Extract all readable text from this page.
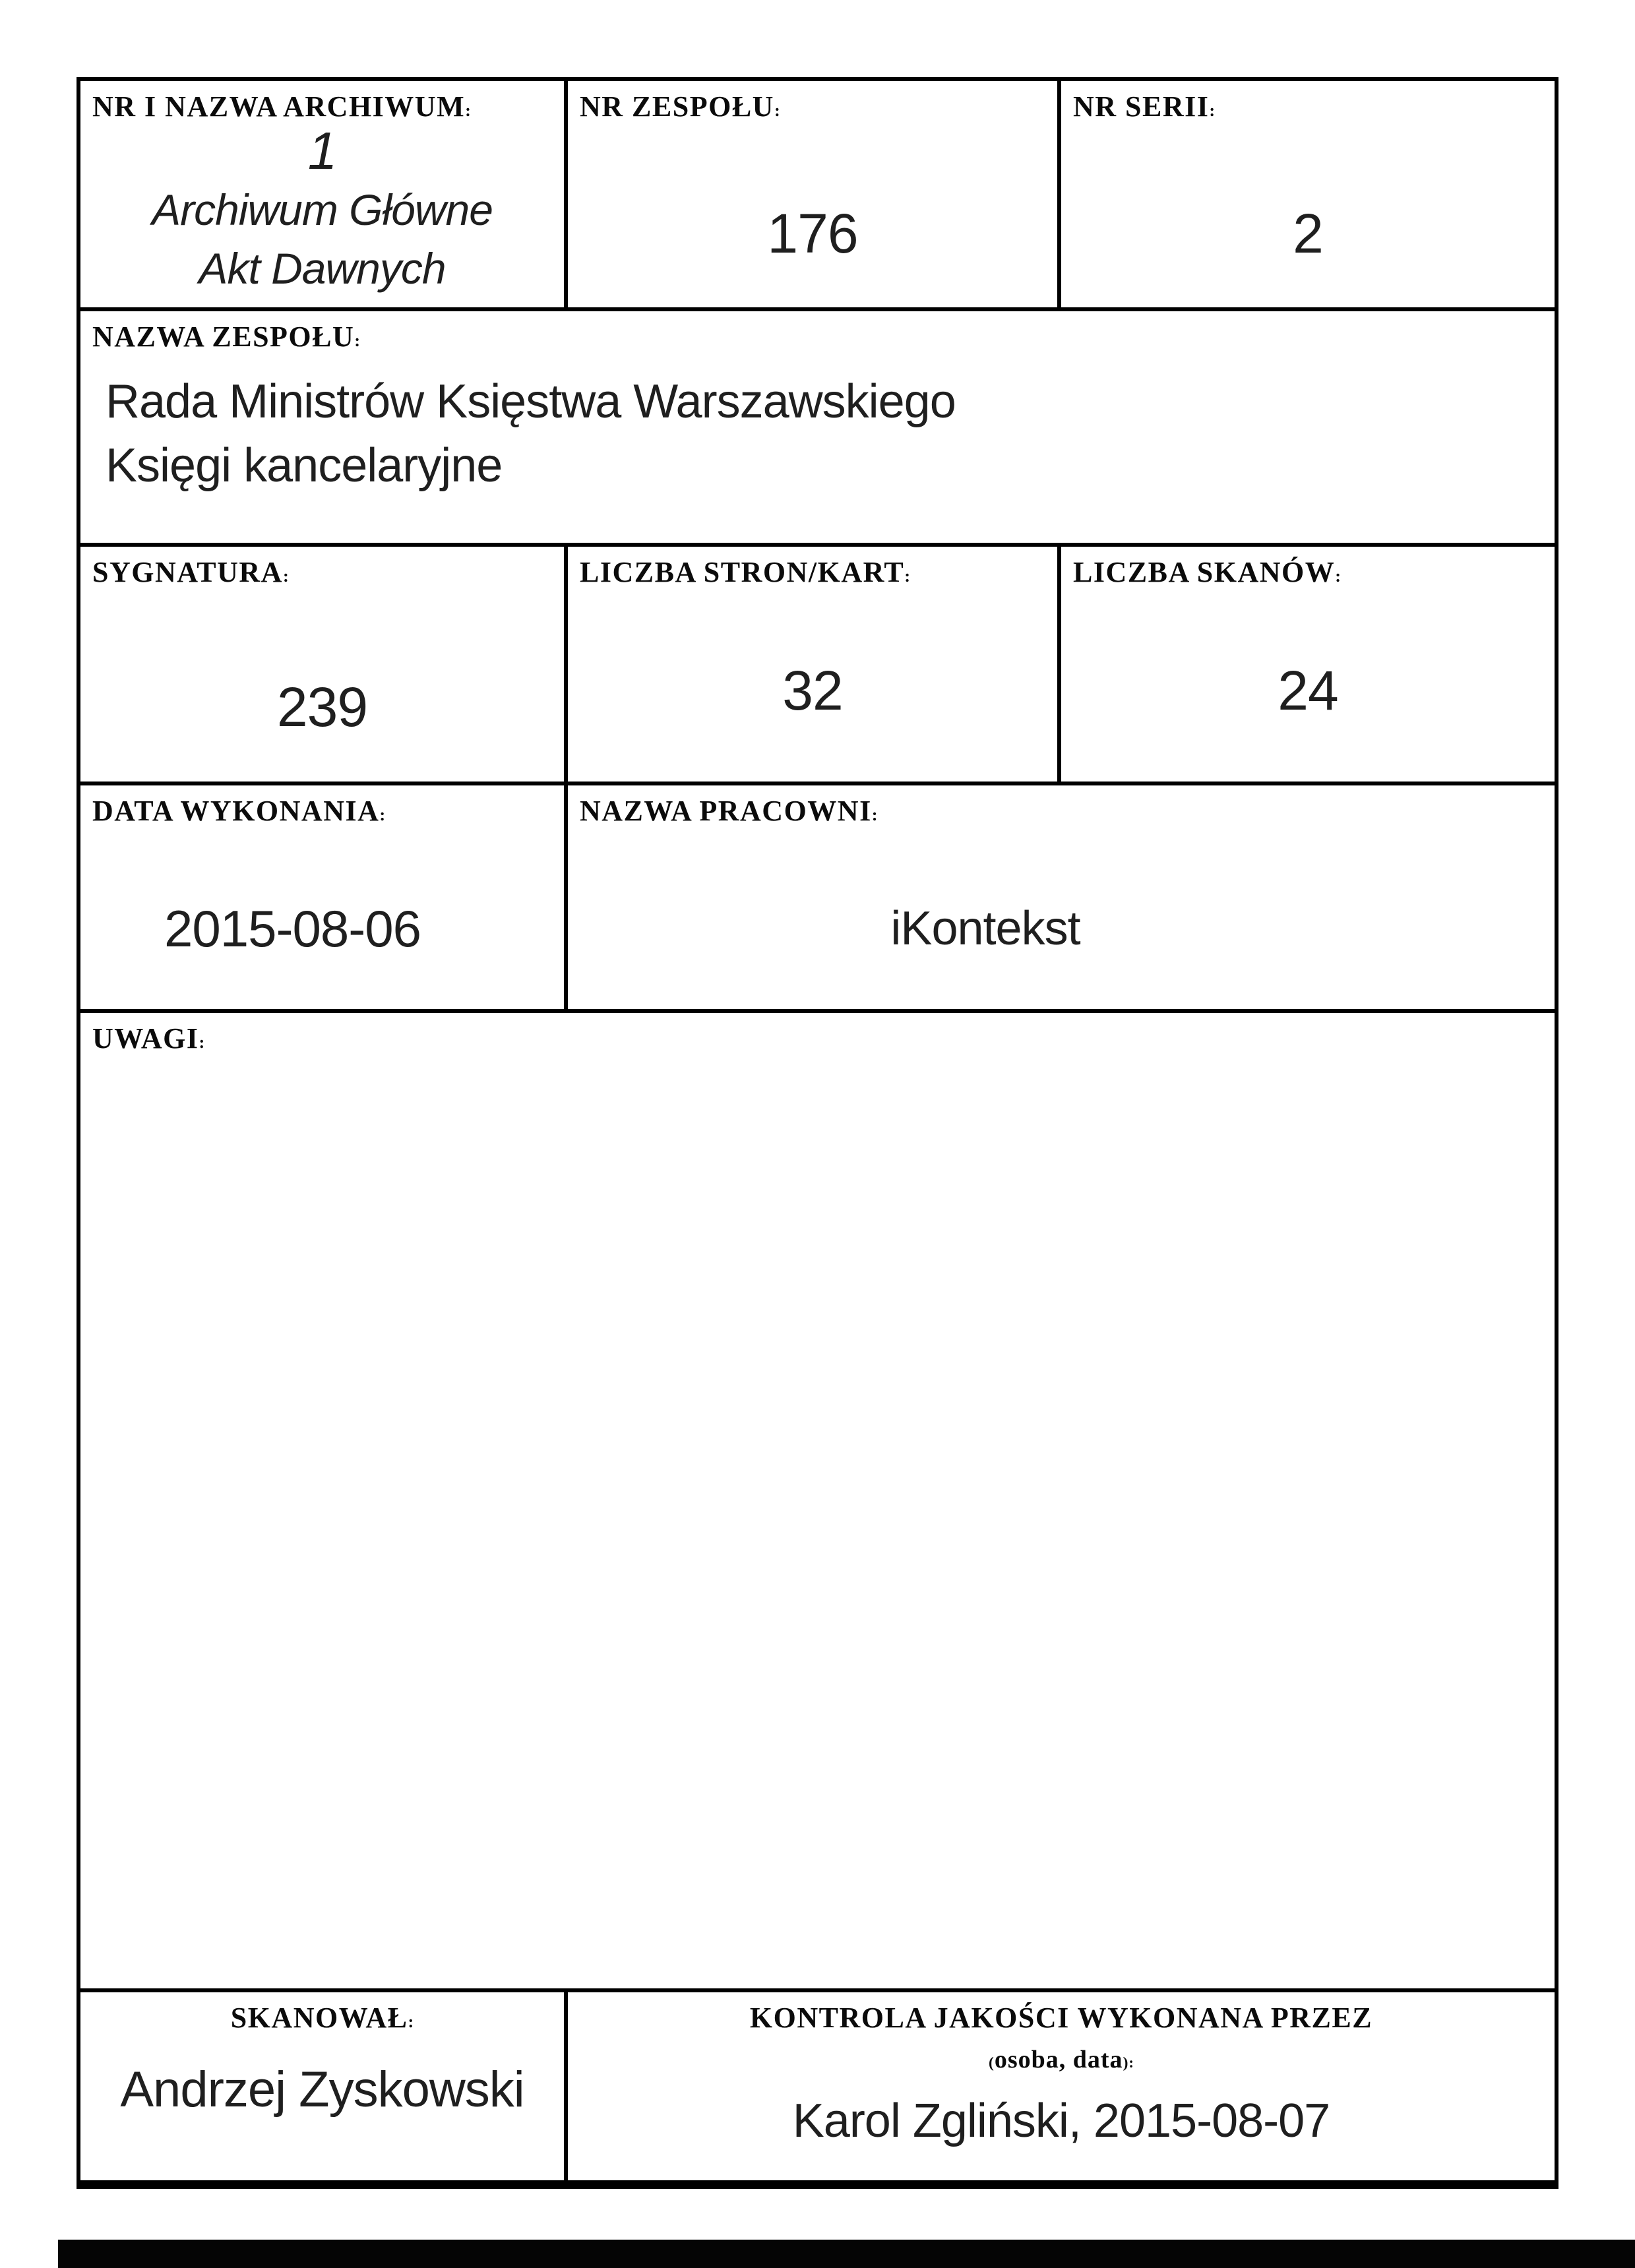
NR I NAZWA ARCHIWUM:
1
Archiwum Główne
Akt Dawnych
NR ZESPOŁU:
176
NR SERII:
2
NAZWA ZESPOŁU:
Rada Ministrów Księstwa Warszawskiego
Księgi kancelaryjne
SYGNATURA:
239
LICZBA STRON/KART:
32
LICZBA SKANÓW:
24
DATA WYKONANIA:
2015-08-06
NAZWA PRACOWNI:
iKontekst
UWAGI:
SKANOWAŁ:
Andrzej Zyskowski
KONTROLA JAKOŚCI WYKONANA PRZEZ
(osoba, data):
Karol Zgliński, 2015-08-07
